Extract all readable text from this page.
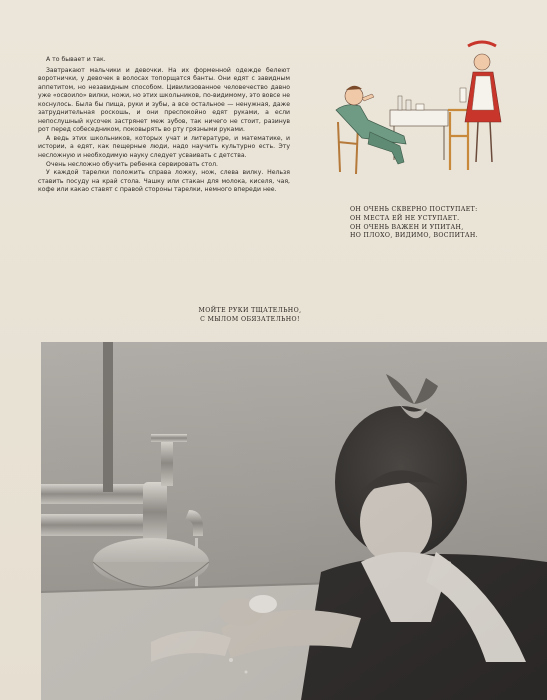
А то бывает и так.

Завтракают мальчики и девочки. На их форменной одежде белеют воротнички, у девочек в волосах топорщатся банты. Они едят с завидным аппетитом, но незавидным способом. Цивилизованное человечество давно уже «освоило» вилки, ножи, но этих школьников, по-видимому, это вовсе не коснулось. Была бы пища, руки и зубы, а все остальное — ненужная, даже затруднительная роскошь, и они преспокойно едят руками, а если непослушный кусочек застрянет меж зубов, так ничего не стоит, разинув рот перед собеседником, поковырять во рту грязными руками.

А ведь этих школьников, которых учат и литературе, и математике, и истории, а едят, как пещерные люди, надо научить культурно есть. Эту несложную и необходимую науку следует усваивать с детства.

Очень несложно обучить ребенка сервировать стол.

У каждой тарелки положить справа ложку, нож, слева вилку. Нельзя ставить посуду на край стола. Чашку или стакан для молока, киселя, чая, кофе или какао ставят с правой стороны тарелки, немного впереди нее.

ОН ОЧЕНЬ СКВЕРНО ПОСТУПАЕТ:
ОН МЕСТА ЕЙ НЕ УСТУПАЕТ.
ОН ОЧЕНЬ ВАЖЕН И УПИТАН,
НО ПЛОХО, ВИДИМО, ВОСПИТАН.
МОЙТЕ РУКИ ТЩАТЕЛЬНО,
С МЫЛОМ ОБЯЗАТЕЛЬНО!
